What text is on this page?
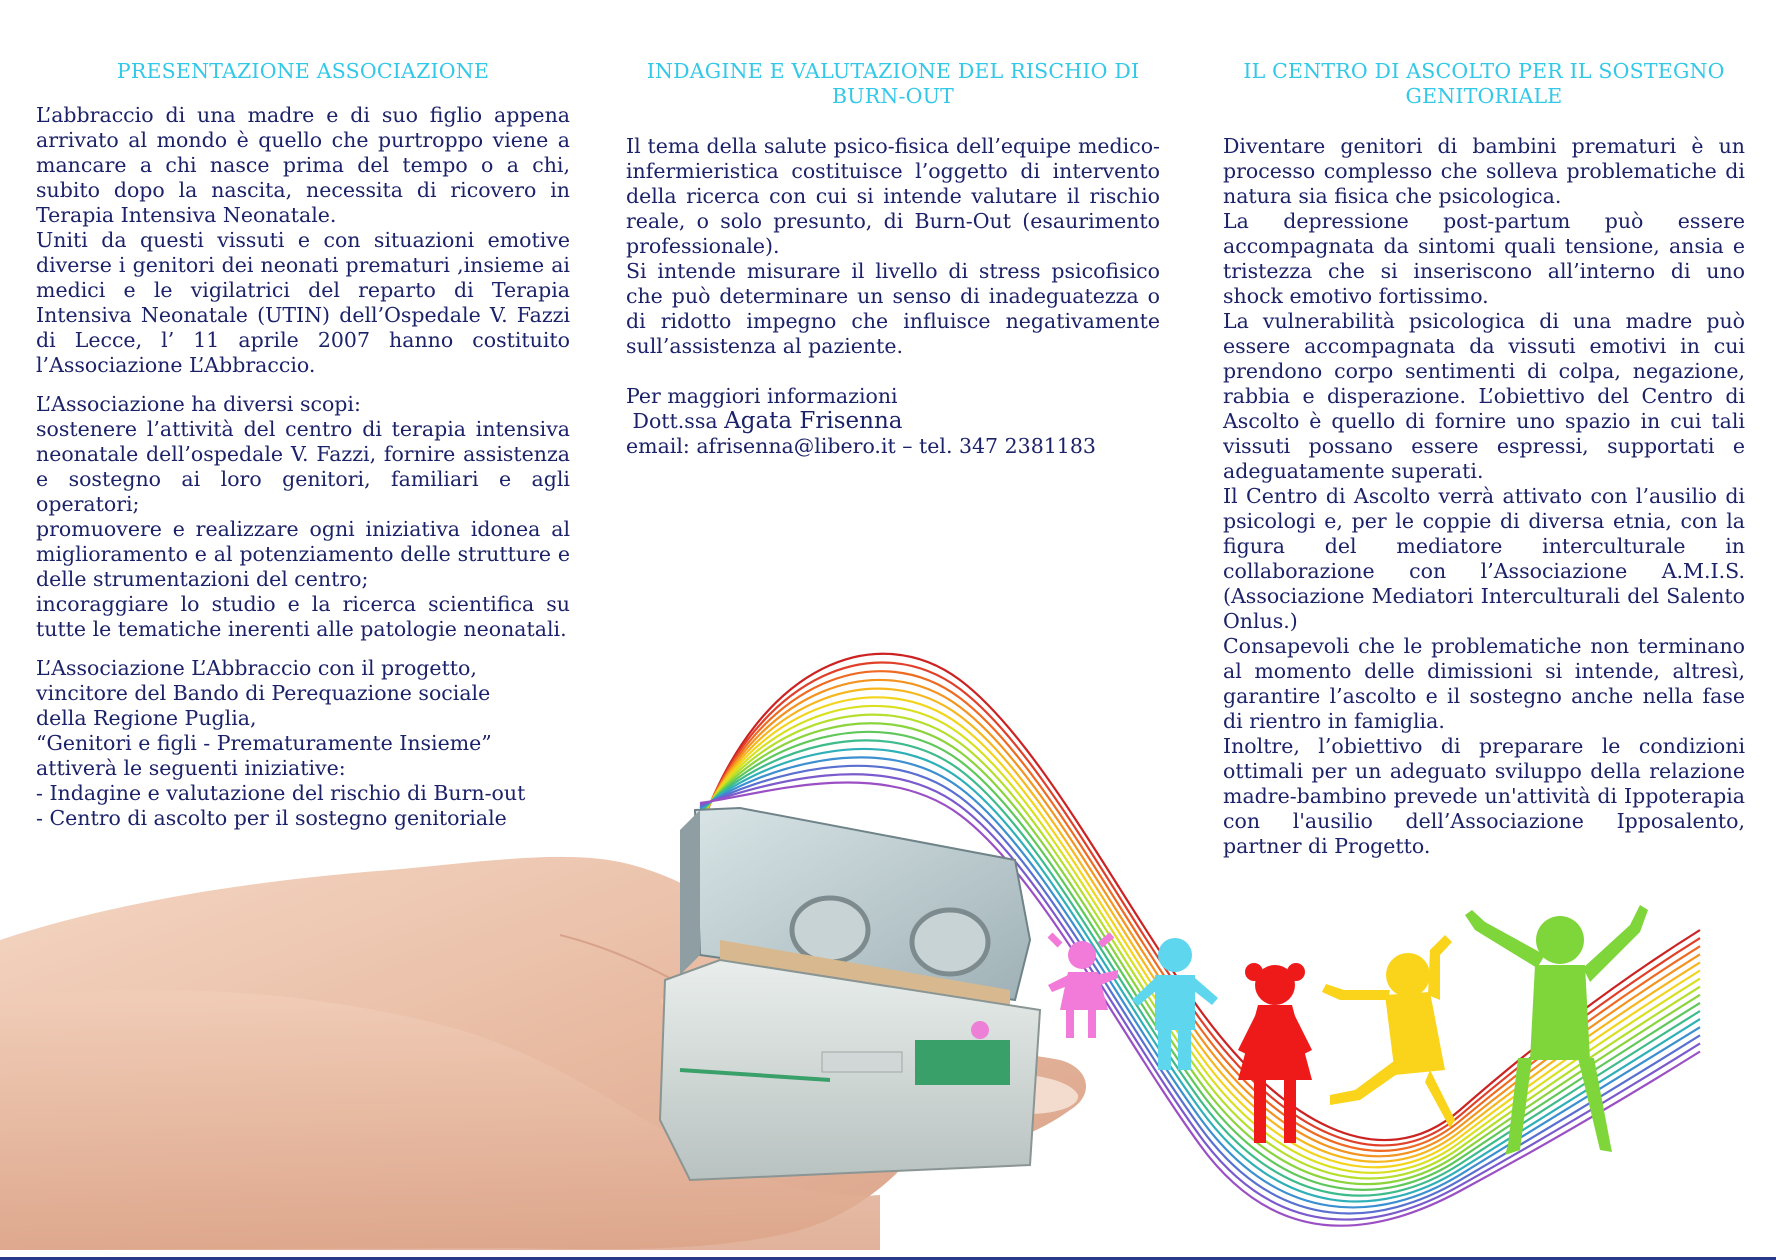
PRESENTAZIONE ASSOCIAZIONE

L’abbraccio di una madre e di suo figlio appena arrivato al mondo è quello che purtroppo viene a mancare a chi nasce prima del tempo o a chi, subito dopo la nascita, necessita di ricovero in Terapia Intensiva Neonatale.

Uniti da questi vissuti e con situazioni emotive diverse i genitori dei neonati prematuri ,insieme ai medici e le vigilatrici del reparto di Terapia Intensiva Neonatale (UTIN) dell’Ospedale V. Fazzi di Lecce, l’ 11 aprile 2007 hanno costituito l’Associazione L’Abbraccio.

L’Associazione ha diversi scopi:

sostenere l’attività del centro di terapia intensiva neonatale dell’ospedale V. Fazzi, fornire assistenza e sostegno ai loro genitori, familiari e agli operatori;

promuovere e realizzare ogni iniziativa idonea al miglioramento e al potenziamento delle strutture e delle strumentazioni del centro;

incoraggiare lo studio e la ricerca scientifica su tutte le tematiche inerenti alle patologie neonatali.

L’Associazione L’Abbraccio con il progetto,

vincitore del Bando di Perequazione sociale

della Regione Puglia,

“Genitori e figli - Prematuramente Insieme”

attiverà le seguenti iniziative:

- Indagine e valutazione del rischio di Burn-out

- Centro di ascolto per il sostegno genitoriale

INDAGINE E VALUTAZIONE DEL RISCHIO DI BURN-OUT

Il tema della salute psico-fisica dell’equipe medico-infermieristica costituisce l’oggetto di intervento della ricerca con cui si intende valutare il rischio reale, o solo presunto, di Burn-Out (esaurimento professionale).

Si intende misurare il livello di stress psicofisico che può determinare un senso di inadeguatezza o di ridotto impegno che influisce negativamente sull’assistenza al paziente.

Per maggiori informazioni

Dott.ssa Agata Frisenna

email: afrisenna@libero.it – tel. 347 2381183

IL CENTRO DI ASCOLTO PER IL SOSTEGNO GENITORIALE

Diventare genitori di bambini prematuri è un processo complesso che solleva problematiche di natura sia fisica che psicologica.

La depressione post-partum può essere accompagnata da sintomi quali tensione, ansia e tristezza che si inseriscono all’interno di uno shock emotivo fortissimo.

La vulnerabilità psicologica di una madre può essere accompagnata da vissuti emotivi in cui prendono corpo sentimenti di colpa, negazione, rabbia e disperazione. L’obiettivo del Centro di Ascolto è quello di fornire uno spazio in cui tali vissuti possano essere espressi, supportati e adeguatamente superati.

Il Centro di Ascolto verrà attivato con l’ausilio di psicologi e, per le coppie di diversa etnia, con la figura del mediatore interculturale in collaborazione con l’Associazione A.M.I.S. (Associazione Mediatori Interculturali del Salento Onlus.)

Consapevoli che le problematiche non terminano al momento delle dimissioni si intende, altresì, garantire l’ascolto e il sostegno anche nella fase di rientro in famiglia.

Inoltre, l’obiettivo di preparare le condizioni ottimali per un adeguato sviluppo della relazione madre-bambino prevede un'attività di Ippoterapia con l'ausilio dell’Associazione Ipposalento, partner di Progetto.
